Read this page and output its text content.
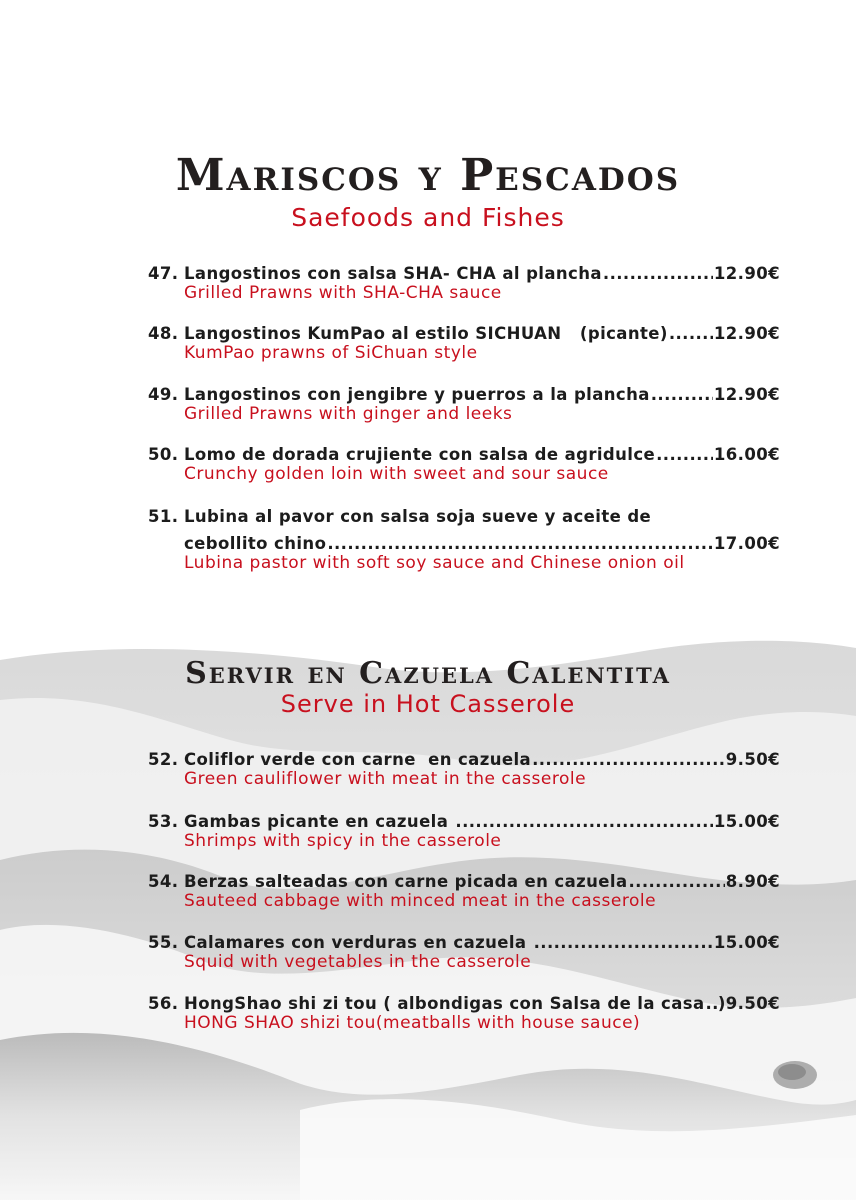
Mariscos y Pescados
Saefoods and Fishes
47. Langostinos con salsa SHA- CHA al plancha .....	12.90€
Grilled Prawns with SHA-CHA sauce
48. Langostinos KumPao al estilo SICHUAN   (picante) .....	12.90€
KumPao prawns of SiChuan style
49. Langostinos con jengibre y puerros a la plancha .....	12.90€
Grilled Prawns with ginger and leeks
50. Lomo de dorada crujiente con salsa de agridulce .....	16.00€
Crunchy golden loin with sweet and sour sauce
51. Lubina al pavor con salsa soja sueve y aceite de
cebollito chino .....	17.00€
Lubina pastor with soft soy sauce and Chinese onion oil
Servir en Cazuela Calentita
Serve in Hot Casserole
52. Coliflor verde con carne  en cazuela .....	9.50€
Green cauliflower with meat in the casserole
53. Gambas picante en cazuela .....	15.00€
Shrimps with spicy in the casserole
54. Berzas salteadas con carne picada en cazuela .....	8.90€
Sauteed cabbage with minced meat in the casserole
55. Calamares con verduras en cazuela .....	15.00€
Squid with vegetables in the casserole
56. HongShao shi zi tou ( albondigas con Salsa de la casa ..... )9.50€
HONG SHAO shizi tou(meatballs with house sauce)
